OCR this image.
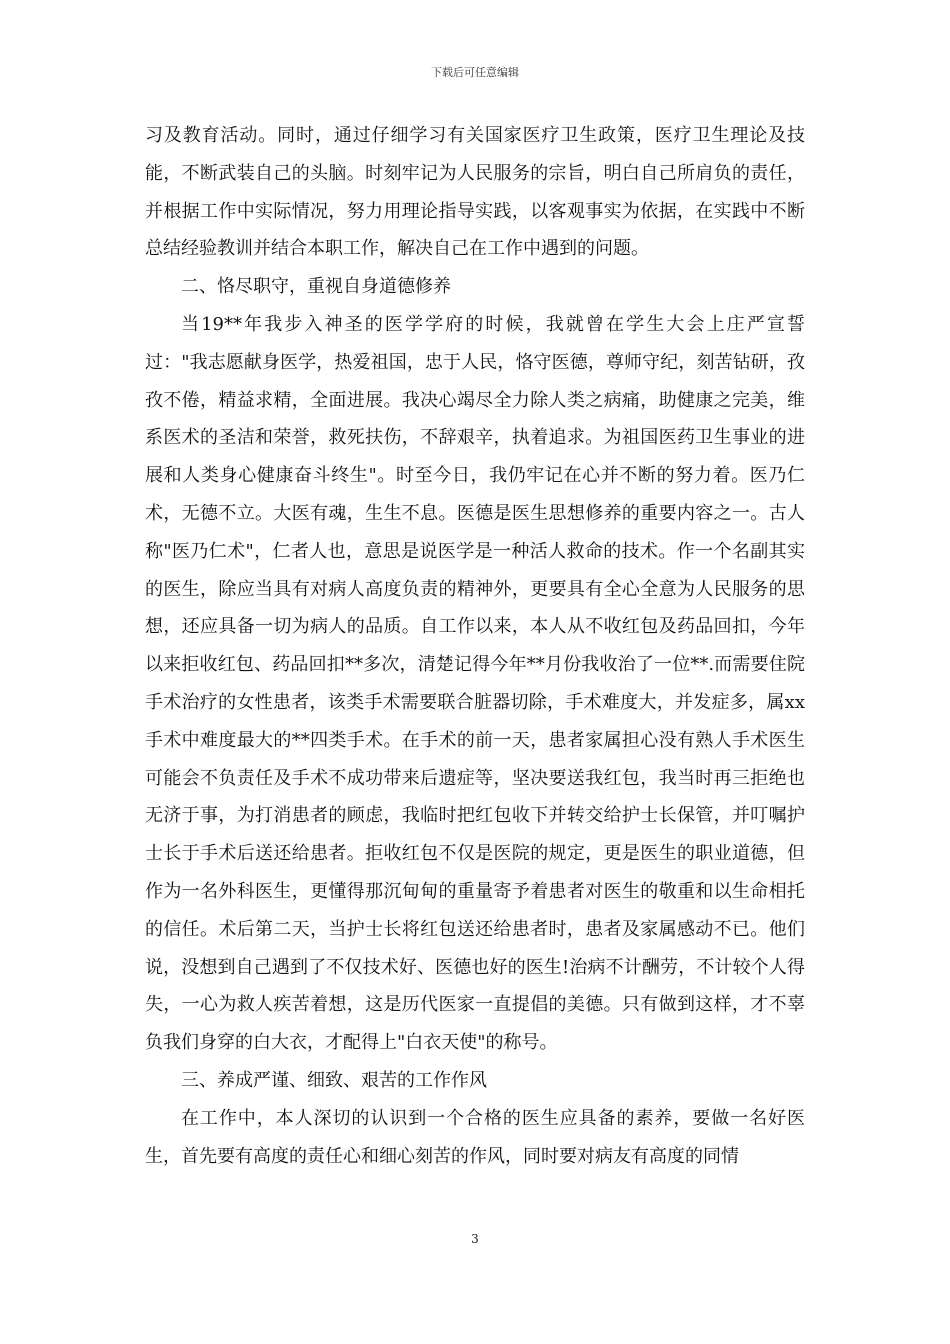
下载后可任意编辑

习及教育活动。同时，通过仔细学习有关国家医疗卫生政策，医疗卫生理论及技能，不断武装自己的头脑。时刻牢记为人民服务的宗旨，明白自己所肩负的责任，并根据工作中实际情况，努力用理论指导实践，以客观事实为依据，在实践中不断总结经验教训并结合本职工作，解决自己在工作中遇到的问题。

二、恪尽职守，重视自身道德修养

当19**年我步入神圣的医学学府的时候，我就曾在学生大会上庄严宣誓过："我志愿献身医学，热爱祖国，忠于人民，恪守医德，尊师守纪，刻苦钻研，孜孜不倦，精益求精，全面进展。我决心竭尽全力除人类之病痛，助健康之完美，维系医术的圣洁和荣誉，救死扶伤，不辞艰辛，执着追求。为祖国医药卫生事业的进展和人类身心健康奋斗终生"。时至今日，我仍牢记在心并不断的努力着。医乃仁术，无德不立。大医有魂，生生不息。医德是医生思想修养的重要内容之一。古人称"医乃仁术"，仁者人也，意思是说医学是一种活人救命的技术。作一个名副其实的医生，除应当具有对病人高度负责的精神外，更要具有全心全意为人民服务的思想，还应具备一切为病人的品质。自工作以来，本人从不收红包及药品回扣，今年以来拒收红包、药品回扣**多次，清楚记得今年**月份我收治了一位**.而需要住院手术治疗的女性患者，该类手术需要联合脏器切除，手术难度大，并发症多，属xx手术中难度最大的**四类手术。在手术的前一天，患者家属担心没有熟人手术医生可能会不负责任及手术不成功带来后遗症等，坚决要送我红包，我当时再三拒绝也无济于事，为打消患者的顾虑，我临时把红包收下并转交给护士长保管，并叮嘱护士长于手术后送还给患者。拒收红包不仅是医院的规定，更是医生的职业道德，但作为一名外科医生，更懂得那沉甸甸的重量寄予着患者对医生的敬重和以生命相托的信任。术后第二天，当护士长将红包送还给患者时，患者及家属感动不已。他们说，没想到自己遇到了不仅技术好、医德也好的医生!治病不计酬劳，不计较个人得失，一心为救人疾苦着想，这是历代医家一直提倡的美德。只有做到这样，才不辜负我们身穿的白大衣，才配得上"白衣天使"的称号。

三、养成严谨、细致、艰苦的工作作风

在工作中，本人深切的认识到一个合格的医生应具备的素养，要做一名好医生，首先要有高度的责任心和细心刻苦的作风，同时要对病友有高度的同情

3
